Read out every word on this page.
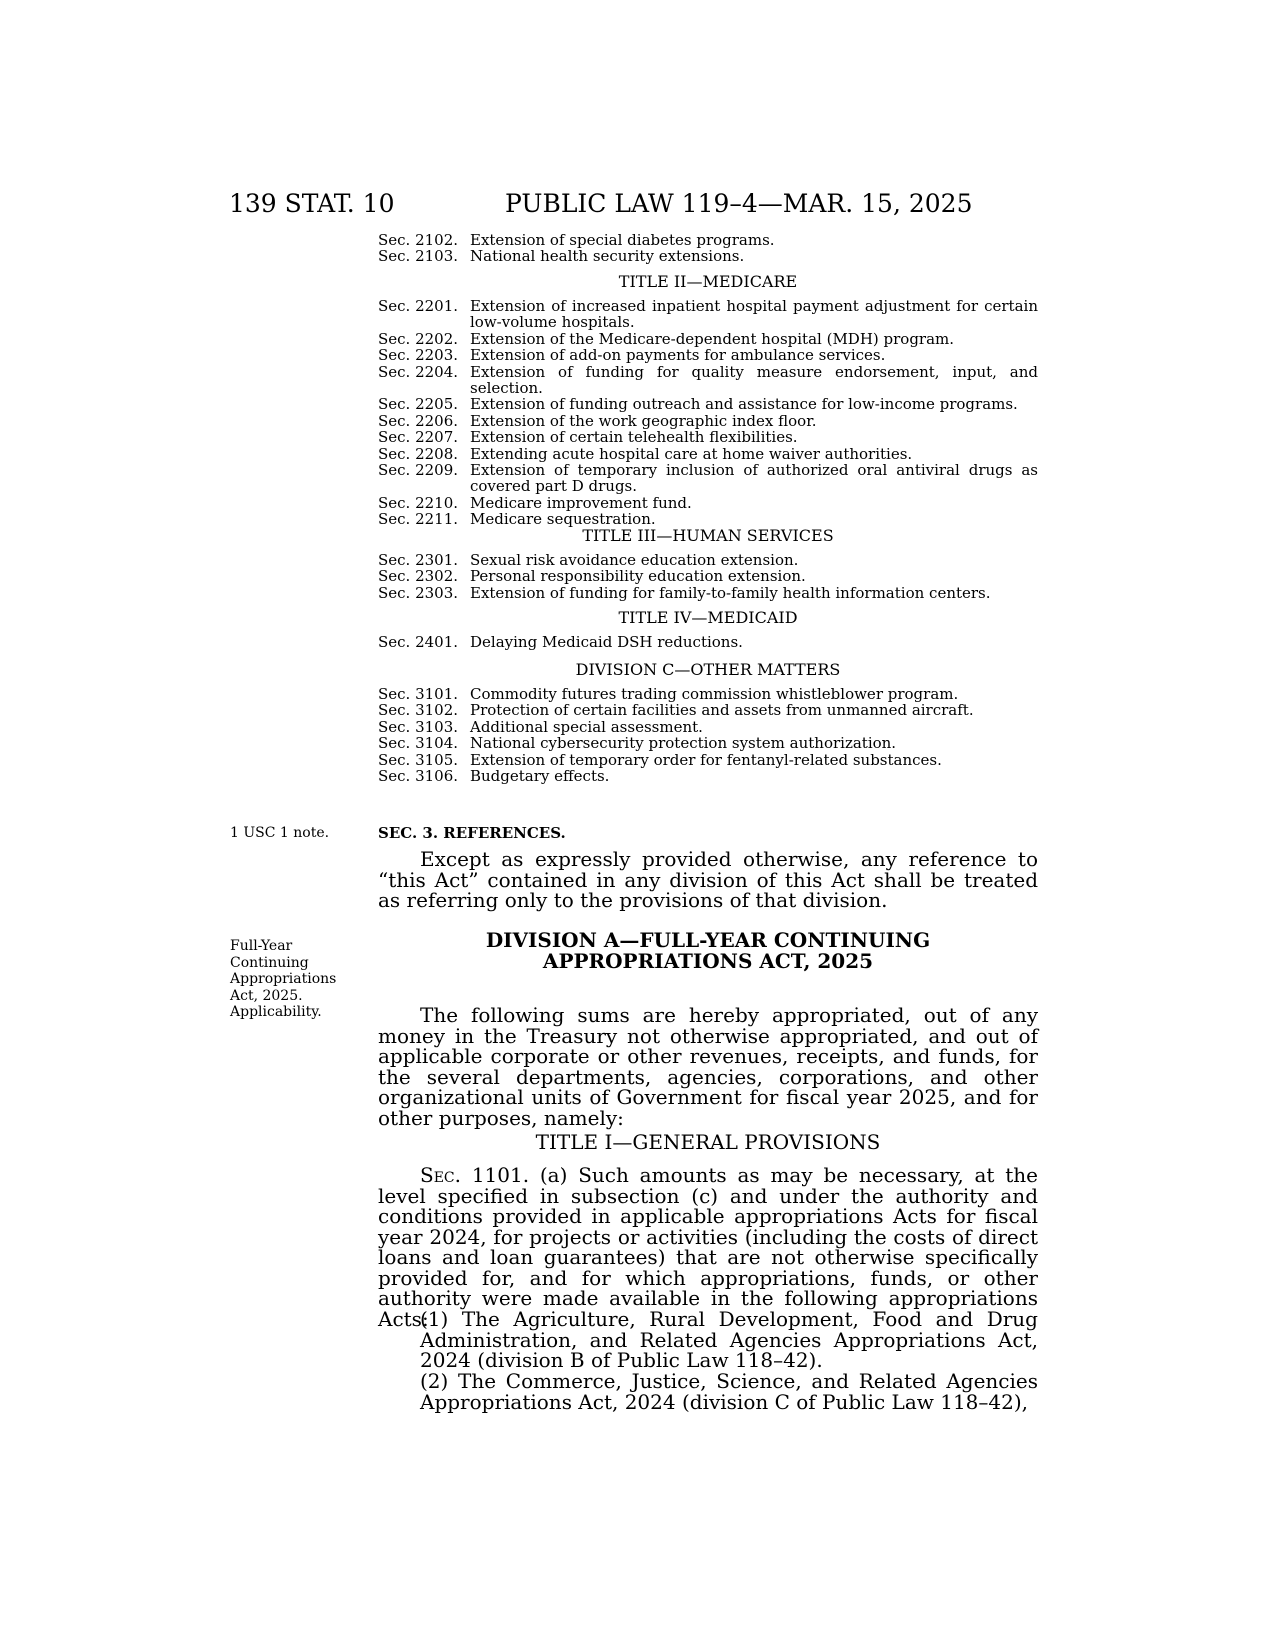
139 STAT. 10	PUBLIC LAW 119–4—MAR. 15, 2025
Sec. 2102. Extension of special diabetes programs.
Sec. 2103. National health security extensions.
TITLE II—MEDICARE
Sec. 2201. Extension of increased inpatient hospital payment adjustment for certain low-volume hospitals.
Sec. 2202. Extension of the Medicare-dependent hospital (MDH) program.
Sec. 2203. Extension of add-on payments for ambulance services.
Sec. 2204. Extension of funding for quality measure endorsement, input, and selection.
Sec. 2205. Extension of funding outreach and assistance for low-income programs.
Sec. 2206. Extension of the work geographic index floor.
Sec. 2207. Extension of certain telehealth flexibilities.
Sec. 2208. Extending acute hospital care at home waiver authorities.
Sec. 2209. Extension of temporary inclusion of authorized oral antiviral drugs as covered part D drugs.
Sec. 2210. Medicare improvement fund.
Sec. 2211. Medicare sequestration.
TITLE III—HUMAN SERVICES
Sec. 2301. Sexual risk avoidance education extension.
Sec. 2302. Personal responsibility education extension.
Sec. 2303. Extension of funding for family-to-family health information centers.
TITLE IV—MEDICAID
Sec. 2401. Delaying Medicaid DSH reductions.
DIVISION C—OTHER MATTERS
Sec. 3101. Commodity futures trading commission whistleblower program.
Sec. 3102. Protection of certain facilities and assets from unmanned aircraft.
Sec. 3103. Additional special assessment.
Sec. 3104. National cybersecurity protection system authorization.
Sec. 3105. Extension of temporary order for fentanyl-related substances.
Sec. 3106. Budgetary effects.
1 USC 1 note.
Full-Year
Continuing
Appropriations
Act, 2025.
Applicability.
SEC. 3. REFERENCES.
Except as expressly provided otherwise, any reference to “this Act” contained in any division of this Act shall be treated as referring only to the provisions of that division.
DIVISION A—FULL-YEAR CONTINUING
APPROPRIATIONS ACT, 2025
The following sums are hereby appropriated, out of any money in the Treasury not otherwise appropriated, and out of applicable corporate or other revenues, receipts, and funds, for the several departments, agencies, corporations, and other organizational units of Government for fiscal year 2025, and for other purposes, namely:
TITLE I—GENERAL PROVISIONS
Sec. 1101. (a) Such amounts as may be necessary, at the level specified in subsection (c) and under the authority and conditions provided in applicable appropriations Acts for fiscal year 2024, for projects or activities (including the costs of direct loans and loan guarantees) that are not otherwise specifically provided for, and for which appropriations, funds, or other authority were made available in the following appropriations Acts:
(1) The Agriculture, Rural Development, Food and Drug Administration, and Related Agencies Appropriations Act, 2024 (division B of Public Law 118–42).
(2) The Commerce, Justice, Science, and Related Agencies Appropriations Act, 2024 (division C of Public Law 118–42),
